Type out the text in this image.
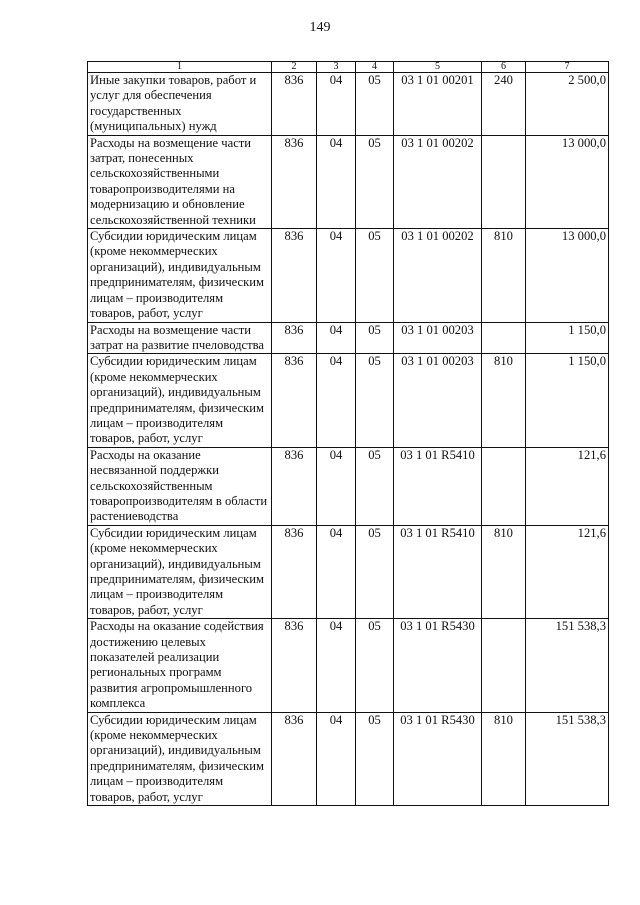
149
1	2	3	4	5	6	7
Иные закупки товаров, работ и услуг для обеспечения государственных (муниципальных) нужд	836	04	05	03 1 01 00201	240	2 500,0
Расходы на возмещение части затрат, понесенных сельскохозяйственными товаропроизводителями на модернизацию и обновление сельскохозяйственной техники	836	04	05	03 1 01 00202		13 000,0
Субсидии юридическим лицам (кроме некоммерческих организаций), индивидуальным предпринимателям, физическим лицам – производителям товаров, работ, услуг	836	04	05	03 1 01 00202	810	13 000,0
Расходы на возмещение части затрат на развитие пчеловодства	836	04	05	03 1 01 00203		1 150,0
Субсидии юридическим лицам (кроме некоммерческих организаций), индивидуальным предпринимателям, физическим лицам – производителям товаров, работ, услуг	836	04	05	03 1 01 00203	810	1 150,0
Расходы на оказание несвязанной поддержки сельскохозяйственным товаропроизводителям в области растениеводства	836	04	05	03 1 01 R5410		121,6
Субсидии юридическим лицам (кроме некоммерческих организаций), индивидуальным предпринимателям, физическим лицам – производителям товаров, работ, услуг	836	04	05	03 1 01 R5410	810	121,6
Расходы на оказание содействия достижению целевых показателей реализации региональных программ развития агропромышленного комплекса	836	04	05	03 1 01 R5430		151 538,3
Субсидии юридическим лицам (кроме некоммерческих организаций), индивидуальным предпринимателям, физическим лицам – производителям товаров, работ, услуг	836	04	05	03 1 01 R5430	810	151 538,3
